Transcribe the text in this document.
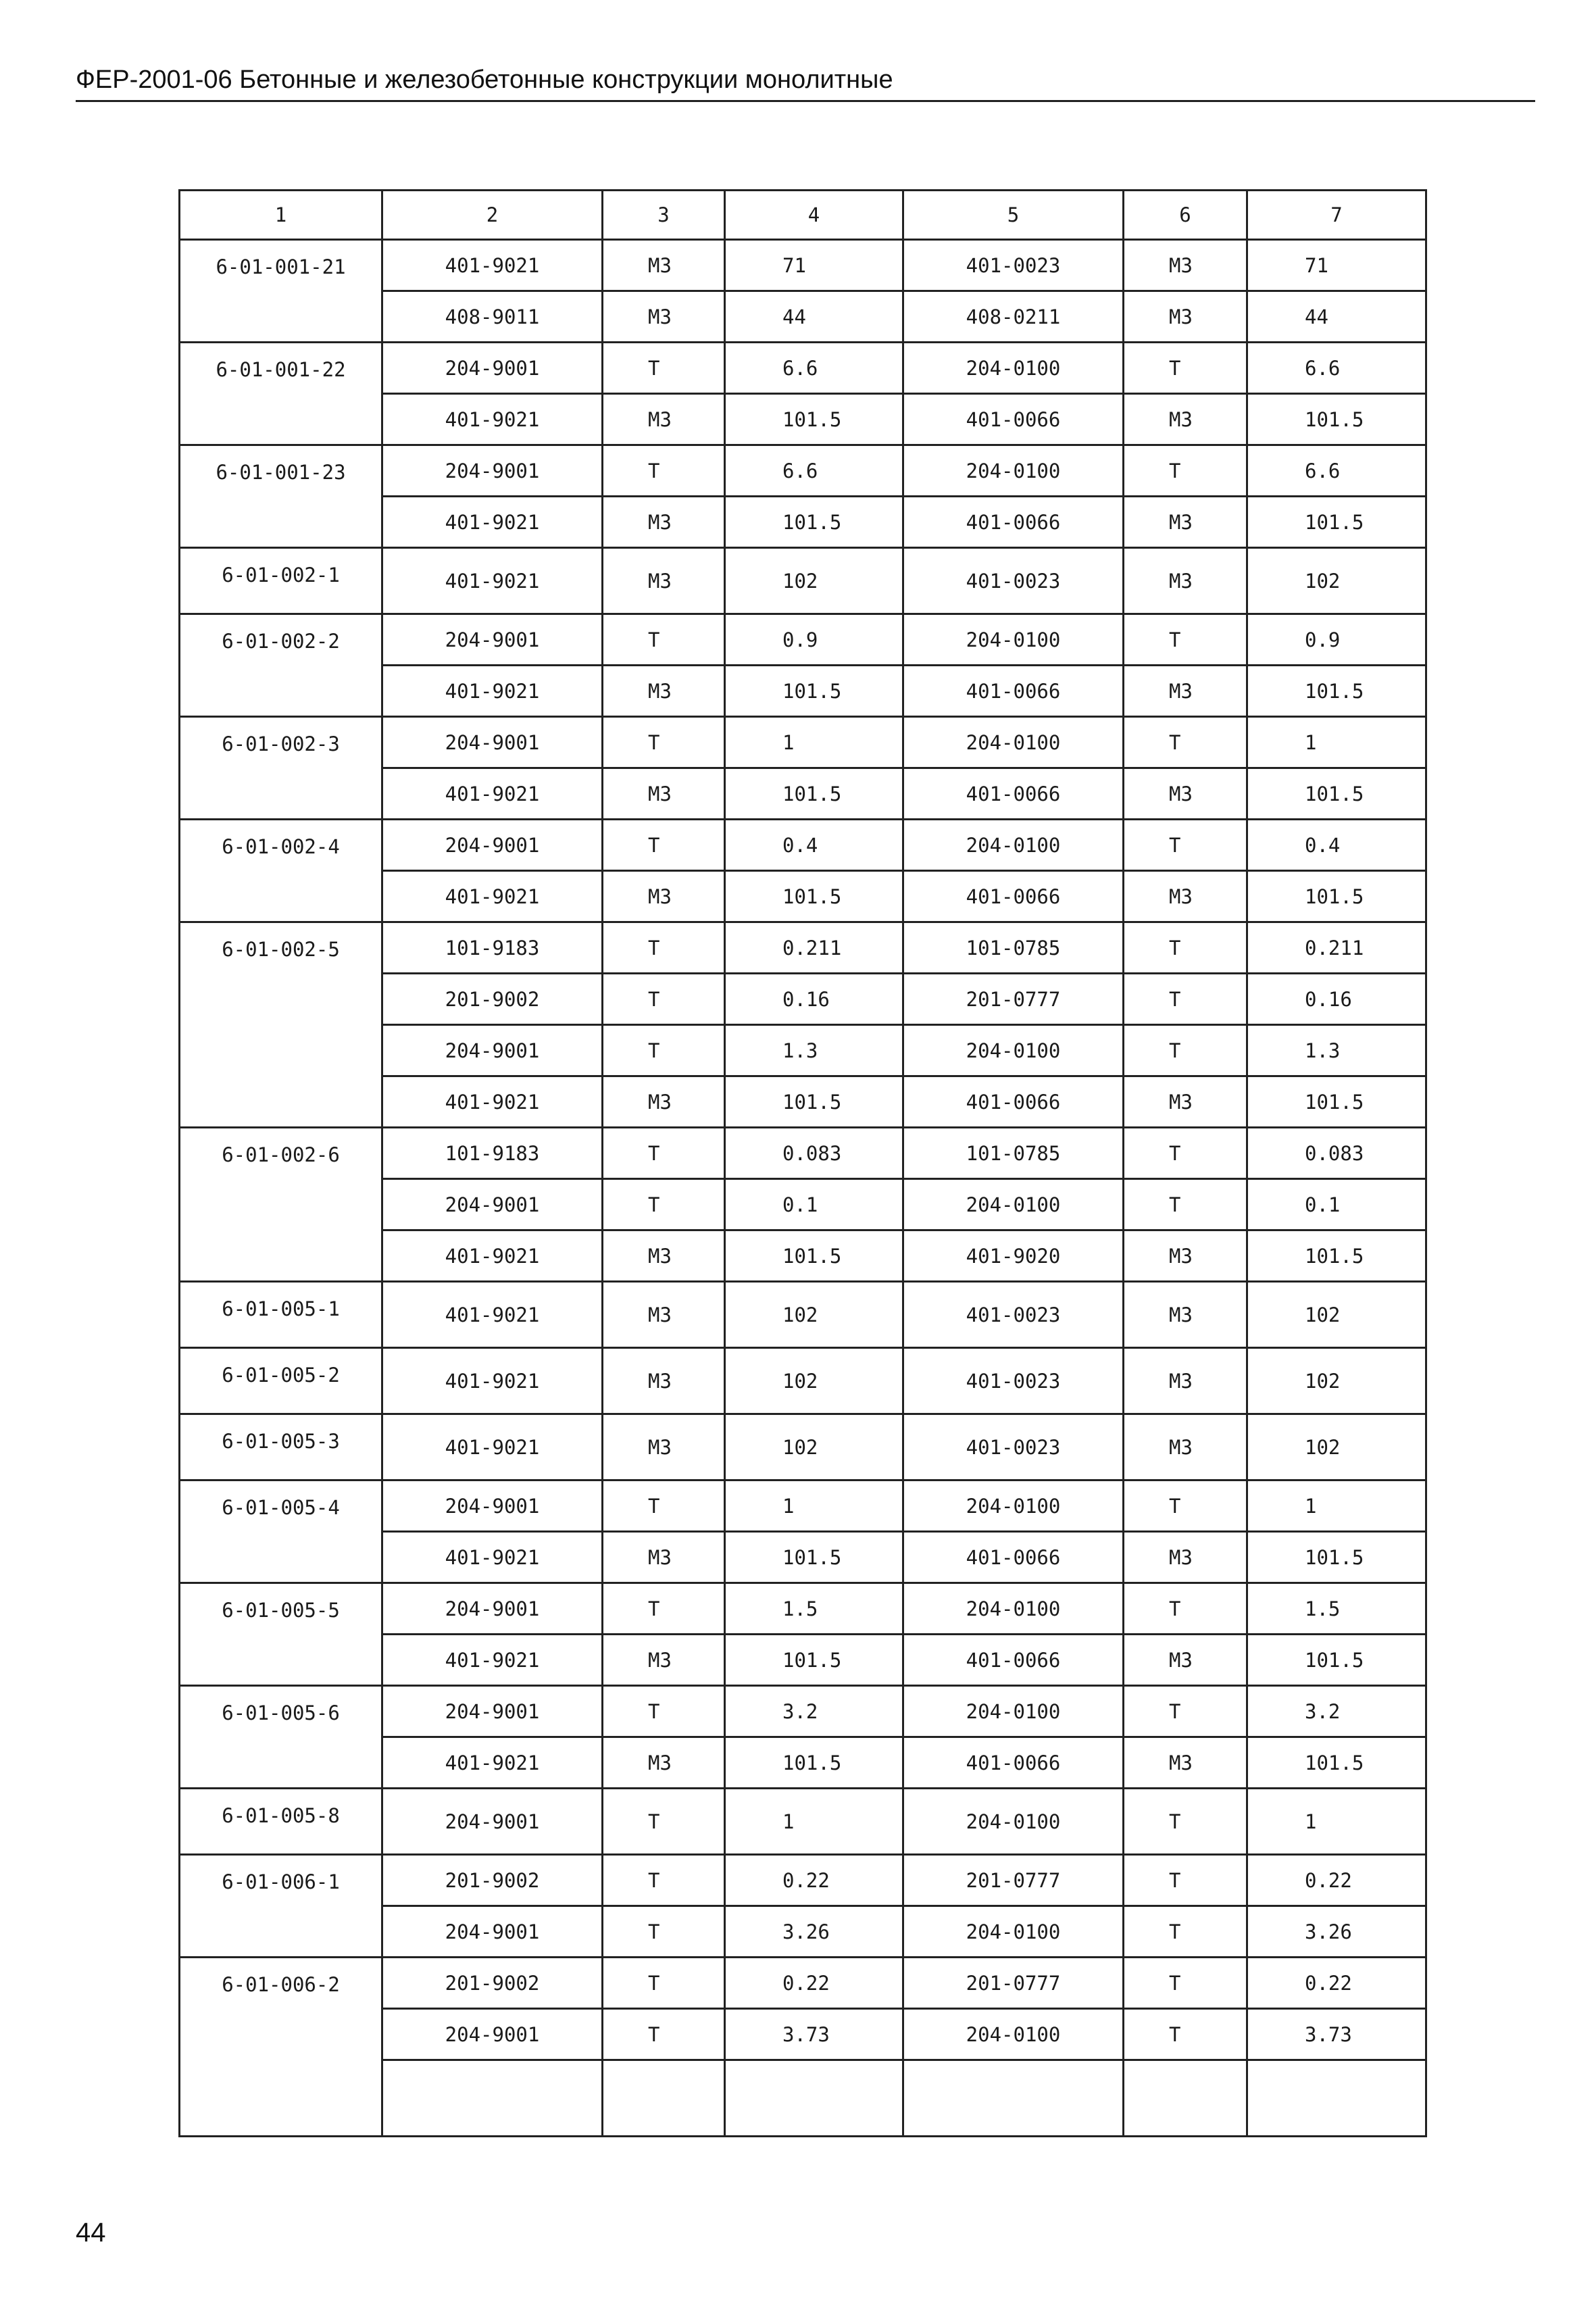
ФЕР-2001-06 Бетонные и железобетонные конструкции монолитные
1	2	3	4	5	6	7
6-01-001-21	401-9021	М3	71	401-0023	М3	71
	408-9011	М3	44	408-0211	М3	44
6-01-001-22	204-9001	Т	6.6	204-0100	Т	6.6
	401-9021	М3	101.5	401-0066	М3	101.5
6-01-001-23	204-9001	Т	6.6	204-0100	Т	6.6
	401-9021	М3	101.5	401-0066	М3	101.5
6-01-002-1	401-9021	М3	102	401-0023	М3	102
6-01-002-2	204-9001	Т	0.9	204-0100	Т	0.9
	401-9021	М3	101.5	401-0066	М3	101.5
6-01-002-3	204-9001	Т	1	204-0100	Т	1
	401-9021	М3	101.5	401-0066	М3	101.5
6-01-002-4	204-9001	Т	0.4	204-0100	Т	0.4
	401-9021	М3	101.5	401-0066	М3	101.5
6-01-002-5	101-9183	Т	0.211	101-0785	Т	0.211
	201-9002	Т	0.16	201-0777	Т	0.16
	204-9001	Т	1.3	204-0100	Т	1.3
	401-9021	М3	101.5	401-0066	М3	101.5
6-01-002-6	101-9183	Т	0.083	101-0785	Т	0.083
	204-9001	Т	0.1	204-0100	Т	0.1
	401-9021	М3	101.5	401-9020	М3	101.5
6-01-005-1	401-9021	М3	102	401-0023	М3	102
6-01-005-2	401-9021	М3	102	401-0023	М3	102
6-01-005-3	401-9021	М3	102	401-0023	М3	102
6-01-005-4	204-9001	Т	1	204-0100	Т	1
	401-9021	М3	101.5	401-0066	М3	101.5
6-01-005-5	204-9001	Т	1.5	204-0100	Т	1.5
	401-9021	М3	101.5	401-0066	М3	101.5
6-01-005-6	204-9001	Т	3.2	204-0100	Т	3.2
	401-9021	М3	101.5	401-0066	М3	101.5
6-01-005-8	204-9001	Т	1	204-0100	Т	1
6-01-006-1	201-9002	Т	0.22	201-0777	Т	0.22
	204-9001	Т	3.26	204-0100	Т	3.26
6-01-006-2	201-9002	Т	0.22	201-0777	Т	0.22
	204-9001	Т	3.73	204-0100	Т	3.73

44
